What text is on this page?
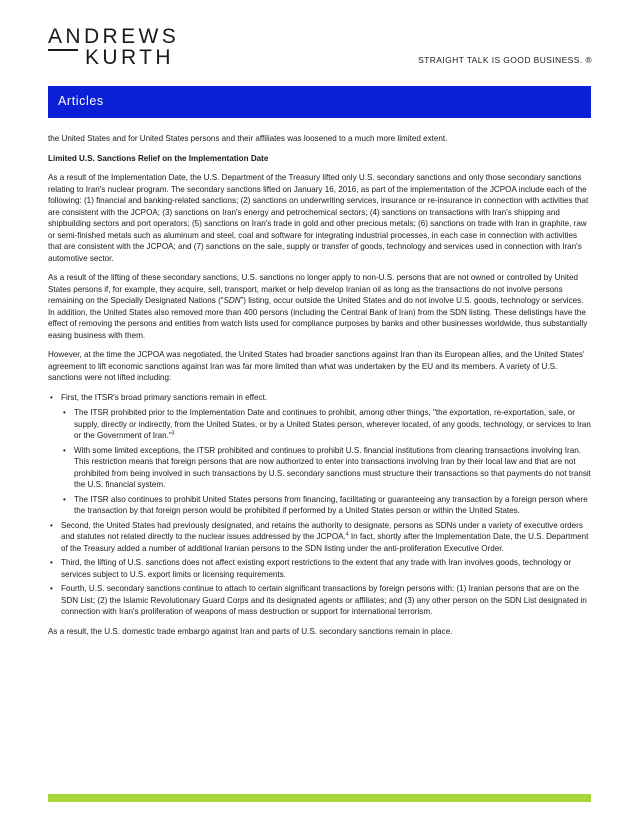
ANDREWS
KURTH	STRAIGHT TALK IS GOOD BUSINESS. ®
Articles

the United States and for United States persons and their affiliates was loosened to a much more limited extent.

Limited U.S. Sanctions Relief on the Implementation Date

As a result of the Implementation Date, the U.S. Department of the Treasury lifted only U.S. secondary sanctions and only those secondary sanctions relating to Iran's nuclear program. The secondary sanctions lifted on January 16, 2016, as part of the implementation of the JCPOA include each of the following: (1) financial and banking-related sanctions; (2) sanctions on underwriting services, insurance or re-insurance in connection with activities that are consistent with the JCPOA; (3) sanctions on Iran's energy and petrochemical sectors; (4) sanctions on transactions with Iran's shipping and shipbuilding sectors and port operators; (5) sanctions on Iran's trade in gold and other precious metals; (6) sanctions on trade with Iran in graphite, raw or semi-finished metals such as aluminum and steel, coal and software for integrating industrial processes, in each case in connection with activities that are consistent with the JCPOA; and (7) sanctions on the sale, supply or transfer of goods, technology and services used in connection with Iran's automotive sector.

As a result of the lifting of these secondary sanctions, U.S. sanctions no longer apply to non-U.S. persons that are not owned or controlled by United States persons if, for example, they acquire, sell, transport, market or help develop Iranian oil as long as the transactions do not involve persons remaining on the Specially Designated Nations (“SDN”) listing, occur outside the United States and do not involve U.S. goods, technology or services. In addition, the United States also removed more than 400 persons (including the Central Bank of Iran) from the SDN listing. These delistings have the effect of removing the persons and entities from watch lists used for compliance purposes by banks and other businesses worldwide, thus substantially easing business with them.

However, at the time the JCPOA was negotiated, the United States had broader sanctions against Iran than its European allies, and the United States' agreement to lift economic sanctions against Iran was far more limited than what was undertaken by the EU and its members. A variety of U.S. sanctions were not lifted including:

• First, the ITSR's broad primary sanctions remain in effect.
• The ITSR prohibited prior to the Implementation Date and continues to prohibit, among other things, "the exportation, re-exportation, sale, or supply, directly or indirectly, from the United States, or by a United States person, wherever located, of any goods, technology, or services to Iran or the Government of Iran."$^3$
• With some limited exceptions, the ITSR prohibited and continues to prohibit U.S. financial institutions from clearing transactions involving Iran. This restriction means that foreign persons that are now authorized to enter into transactions involving Iran by their local law and that are not prohibited from being involved in such transactions by U.S. secondary sanctions must structure their transactions so that payments do not transit the U.S. financial system.
• The ITSR also continues to prohibit United States persons from financing, facilitating or guaranteeing any transaction by a foreign person where the transaction by that foreign person would be prohibited if performed by a United States person or within the United States.
• Second, the United States had previously designated, and retains the authority to designate, persons as SDNs under a variety of executive orders and statutes not related directly to the nuclear issues addressed by the JCPOA.$^4$ In fact, shortly after the Implementation Date, the U.S. Department of the Treasury added a number of additional Iranian persons to the SDN listing under the anti-proliferation Executive Order.
• Third, the lifting of U.S. sanctions does not affect existing export restrictions to the extent that any trade with Iran involves goods, technology or services subject to U.S. export limits or licensing requirements.
• Fourth, U.S. secondary sanctions continue to attach to certain significant transactions by foreign persons with: (1) Iranian persons that are on the SDN List; (2) the Islamic Revolutionary Guard Corps and its designated agents or affiliates; and (3) any other person on the SDN List designated in connection with Iran's proliferation of weapons of mass destruction or support for international terrorism.

As a result, the U.S. domestic trade embargo against Iran and parts of U.S. secondary sanctions remain in place.
